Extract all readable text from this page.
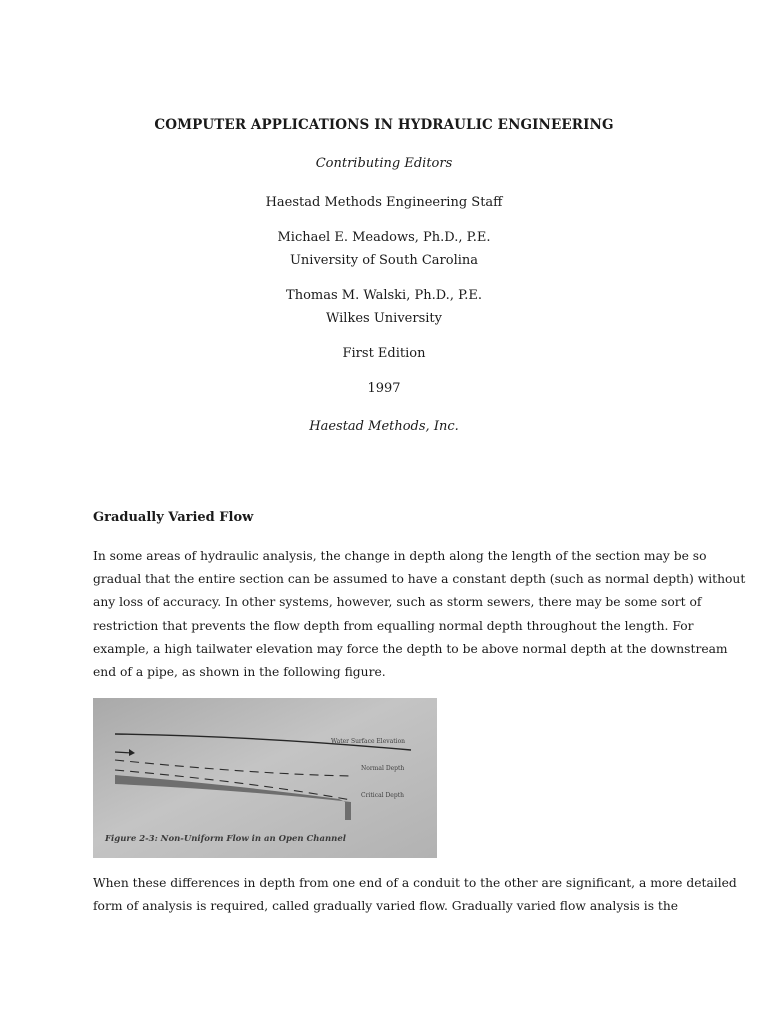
COMPUTER APPLICATIONS IN HYDRAULIC ENGINEERING
Contributing Editors
Haestad Methods Engineering Staff
Michael E. Meadows, Ph.D., P.E.
University of South Carolina
Thomas M. Walski, Ph.D., P.E.
Wilkes University
First Edition
1997
Haestad Methods, Inc.
Gradually Varied Flow
In some areas of hydraulic analysis, the change in depth along the length of the section may be so
gradual that the entire section can be assumed to have a constant depth (such as normal depth) without
any loss of accuracy. In other systems, however, such as storm sewers, there may be some sort of
restriction that prevents the flow depth from equalling normal depth throughout the length. For
example, a high tailwater elevation may force the depth to be above normal depth at the downstream
end of a pipe, as shown in the following figure.
Water Surface Elevation
Normal Depth
Critical Depth
Figure 2-3: Non-Uniform Flow in an Open Channel
When these differences in depth from one end of a conduit to the other are significant, a more detailed
form of analysis is required, called gradually varied flow. Gradually varied flow analysis is the
